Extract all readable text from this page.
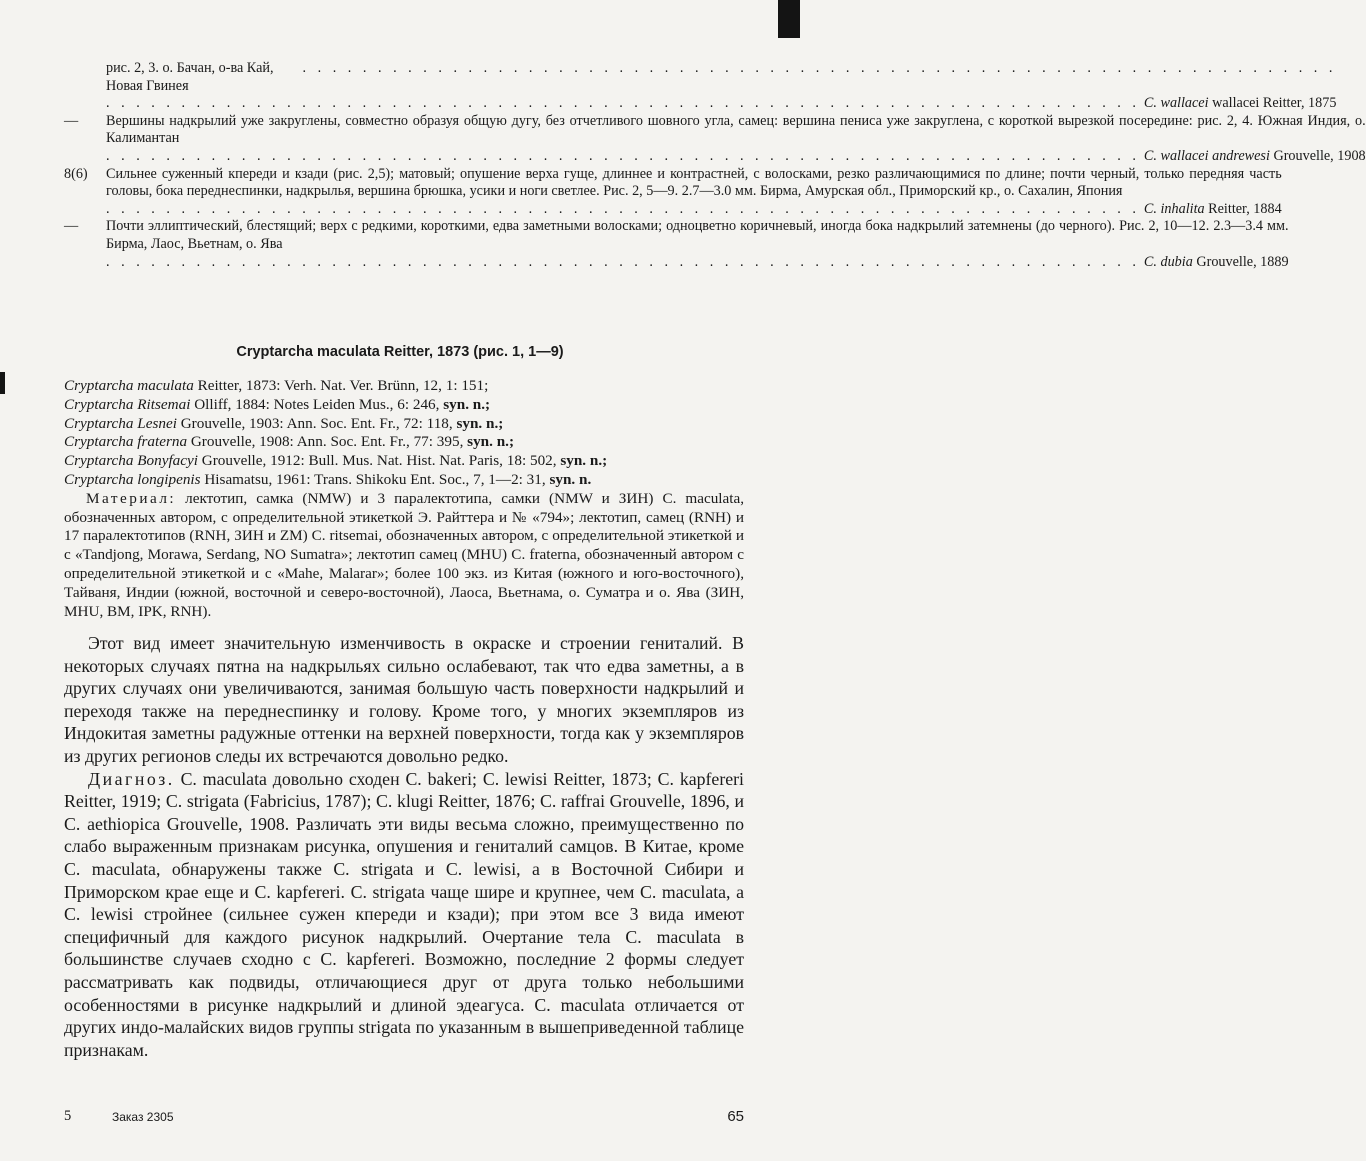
рис. 2, 3. о. Бачан, о-ва Кай, Новая Гвинея
. . .
. . .
C. wallacei wallacei Reitter, 1875
—	Вершины надкрылий уже закруглены, совместно образуя общую дугу, без отчетливого шовного угла, самец: вершина пениса уже закруглена, с короткой вырезкой посередине: рис. 2, 4. Южная Индия, о. Калимантан
. . .
C. wallacei andrewesi Grouvelle, 1908
8(6)	Сильнее суженный кпереди и кзади (рис. 2,5); матовый; опушение верха гуще, длиннее и контрастней, с волосками, резко различающимися по длине; почти черный, только передняя часть головы, бока переднеспинки, надкрылья, вершина брюшка, усики и ноги светлее. Рис. 2, 5—9. 2.7—3.0 мм. Бирма, Амурская обл., Приморский кр., о. Сахалин, Япония
. . .
C. inhalita Reitter, 1884
—	Почти эллиптический, блестящий; верх с редкими, короткими, едва заметными волосками; одноцветно коричневый, иногда бока надкрылий затемнены (до черного). Рис. 2, 10—12. 2.3—3.4 мм. Бирма, Лаос, Вьетнам, о. Ява
. . .
C. dubia Grouvelle, 1889
Cryptarcha maculata Reitter, 1873 (рис. 1, 1—9)

Cryptarcha maculata Reitter, 1873: Verh. Nat. Ver. Brünn, 12, 1: 151;

Cryptarcha Ritsemai Olliff, 1884: Notes Leiden Mus., 6: 246, syn. n.;

Cryptarcha Lesnei Grouvelle, 1903: Ann. Soc. Ent. Fr., 72: 118, syn. n.;

Cryptarcha fraterna Grouvelle, 1908: Ann. Soc. Ent. Fr., 77: 395, syn. n.;

Cryptarcha Bonyfacyi Grouvelle, 1912: Bull. Mus. Nat. Hist. Nat. Paris, 18: 502, syn. n.;

Cryptarcha longipenis Hisamatsu, 1961: Trans. Shikoku Ent. Soc., 7, 1—2: 31, syn. n.

Материал: лектотип, самка (NMW) и 3 паралектотипа, самки (NMW и ЗИН) C. maculata, обозначенных автором, с определительной этикеткой Э. Райттера и № «794»; лектотип, самец (RNH) и 17 паралектотипов (RNH, ЗИН и ZM) C. ritsemai, обозначенных автором, с определительной этикеткой и с «Tandjong, Morawa, Serdang, NO Sumatra»; лектотип самец (MHU) C. fraterna, обозначенный автором с определительной этикеткой и с «Mahe, Malarar»; более 100 экз. из Китая (южного и юго-восточного), Тайваня, Индии (южной, восточной и северо-восточной), Лаоса, Вьетнама, о. Суматра и о. Ява (ЗИН, MHU, BM, IPK, RNH).

Этот вид имеет значительную изменчивость в окраске и строении гениталий. В некоторых случаях пятна на надкрыльях сильно ослабевают, так что едва заметны, а в других случаях они увеличиваются, занимая большую часть поверхности надкрылий и переходя также на переднеспинку и голову. Кроме того, у многих экземпляров из Индокитая заметны радужные оттенки на верхней поверхности, тогда как у экземпляров из других регионов следы их встречаются довольно редко.

Диагноз. C. maculata довольно сходен C. bakeri; C. lewisi Reitter, 1873; C. kapfereri Reitter, 1919; C. strigata (Fabricius, 1787); C. klugi Reitter, 1876; C. raffrai Grouvelle, 1896, и C. aethiopica Grouvelle, 1908. Различать эти виды весьма сложно, преимущественно по слабо выраженным признакам рисунка, опушения и гениталий самцов. В Китае, кроме C. maculata, обнаружены также C. strigata и C. lewisi, а в Восточной Сибири и Приморском крае еще и C. kapfereri. C. strigata чаще шире и крупнее, чем C. maculata, а C. lewisi стройнее (сильнее сужен кпереди и кзади); при этом все 3 вида имеют специфичный для каждого рисунок надкрылий. Очертание тела C. maculata в большинстве случаев сходно с C. kapfereri. Возможно, последние 2 формы следует рассматривать как подвиды, отличающиеся друг от друга только небольшими особенностями в рисунке надкрылий и длиной эдеагуса. C. maculata отличается от других индо-малайских видов группы strigata по указанным в вышеприведенной таблице признакам.

5	Заказ 2305	65
